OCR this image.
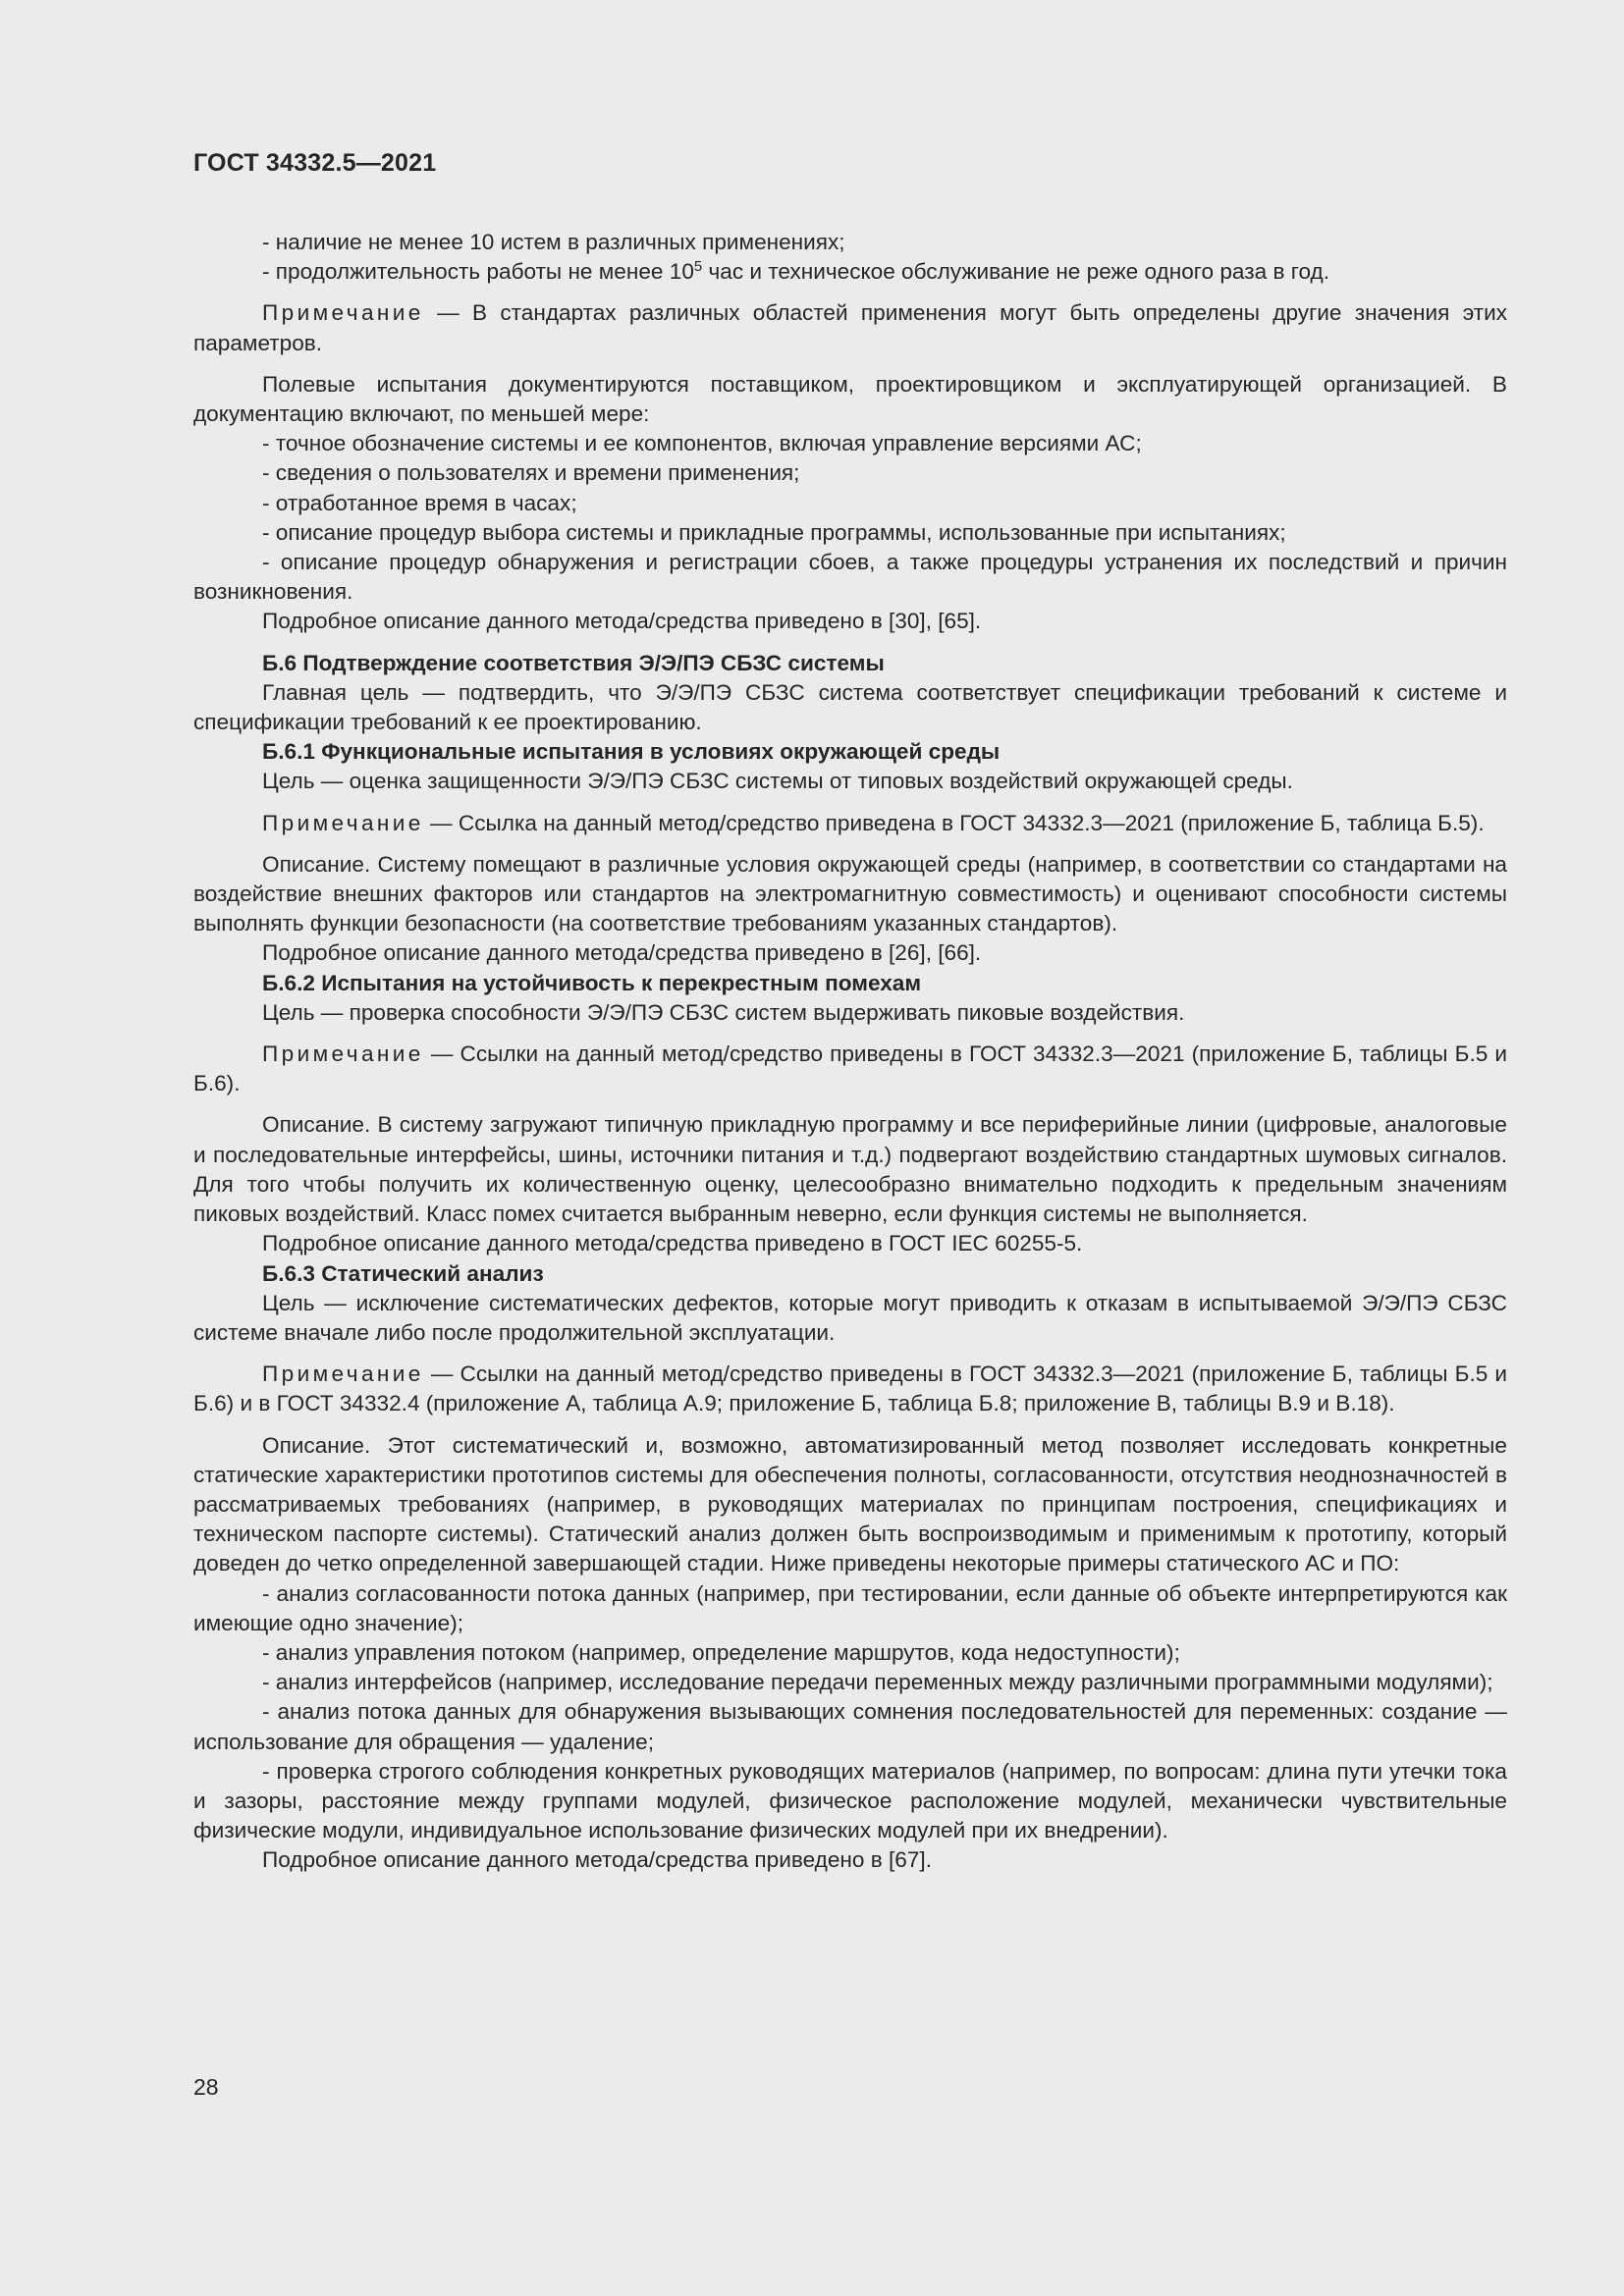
ГОСТ 34332.5—2021

- наличие не менее 10 истем в различных применениях;

- продолжительность работы не менее $10^5$ час и техническое обслуживание не реже одного раза в год.

Примечание — В стандартах различных областей применения могут быть определены другие значения этих параметров.

Полевые испытания документируются поставщиком, проектировщиком и эксплуатирующей организацией. В документацию включают, по меньшей мере:

- точное обозначение системы и ее компонентов, включая управление версиями АС;

- сведения о пользователях и времени применения;

- отработанное время в часах;

- описание процедур выбора системы и прикладные программы, использованные при испытаниях;

- описание процедур обнаружения и регистрации сбоев, а также процедуры устранения их последствий и причин возникновения.

Подробное описание данного метода/средства приведено в [30], [65].

Б.6 Подтверждение соответствия Э/Э/ПЭ СБЗС системы

Главная цель — подтвердить, что Э/Э/ПЭ СБЗС система соответствует спецификации требований к системе и спецификации требований к ее проектированию.

Б.6.1 Функциональные испытания в условиях окружающей среды

Цель — оценка защищенности Э/Э/ПЭ СБЗС системы от типовых воздействий окружающей среды.

Примечание — Ссылка на данный метод/средство приведена в ГОСТ 34332.3—2021 (приложение Б, таблица Б.5).

Описание. Систему помещают в различные условия окружающей среды (например, в соответствии со стандартами на воздействие внешних факторов или стандартов на электромагнитную совместимость) и оценивают способности системы выполнять функции безопасности (на соответствие требованиям указанных стандартов).

Подробное описание данного метода/средства приведено в [26], [66].

Б.6.2 Испытания на устойчивость к перекрестным помехам

Цель — проверка способности Э/Э/ПЭ СБЗС систем выдерживать пиковые воздействия.

Примечание — Ссылки на данный метод/средство приведены в ГОСТ 34332.3—2021 (приложение Б, таблицы Б.5 и Б.6).

Описание. В систему загружают типичную прикладную программу и все периферийные линии (цифровые, аналоговые и последовательные интерфейсы, шины, источники питания и т.д.) подвергают воздействию стандартных шумовых сигналов. Для того чтобы получить их количественную оценку, целесообразно внимательно подходить к предельным значениям пиковых воздействий. Класс помех считается выбранным неверно, если функция системы не выполняется.

Подробное описание данного метода/средства приведено в ГОСТ IEC 60255-5.

Б.6.3 Статический анализ

Цель — исключение систематических дефектов, которые могут приводить к отказам в испытываемой Э/Э/ПЭ СБЗС системе вначале либо после продолжительной эксплуатации.

Примечание — Ссылки на данный метод/средство приведены в ГОСТ 34332.3—2021 (приложение Б, таблицы Б.5 и Б.6) и в ГОСТ 34332.4 (приложение А, таблица А.9; приложение Б, таблица Б.8; приложение В, таблицы В.9 и В.18).

Описание. Этот систематический и, возможно, автоматизированный метод позволяет исследовать конкретные статические характеристики прототипов системы для обеспечения полноты, согласованности, отсутствия неоднозначностей в рассматриваемых требованиях (например, в руководящих материалах по принципам построения, спецификациях и техническом паспорте системы). Статический анализ должен быть воспроизводимым и применимым к прототипу, который доведен до четко определенной завершающей стадии. Ниже приведены некоторые примеры статического АС и ПО:

- анализ согласованности потока данных (например, при тестировании, если данные об объекте интерпретируются как имеющие одно значение);

- анализ управления потоком (например, определение маршрутов, кода недоступности);

- анализ интерфейсов (например, исследование передачи переменных между различными программными модулями);

- анализ потока данных для обнаружения вызывающих сомнения последовательностей для переменных: создание — использование для обращения — удаление;

- проверка строгого соблюдения конкретных руководящих материалов (например, по вопросам: длина пути утечки тока и зазоры, расстояние между группами модулей, физическое расположение модулей, механически чувствительные физические модули, индивидуальное использование физических модулей при их внедрении).

Подробное описание данного метода/средства приведено в [67].

28
